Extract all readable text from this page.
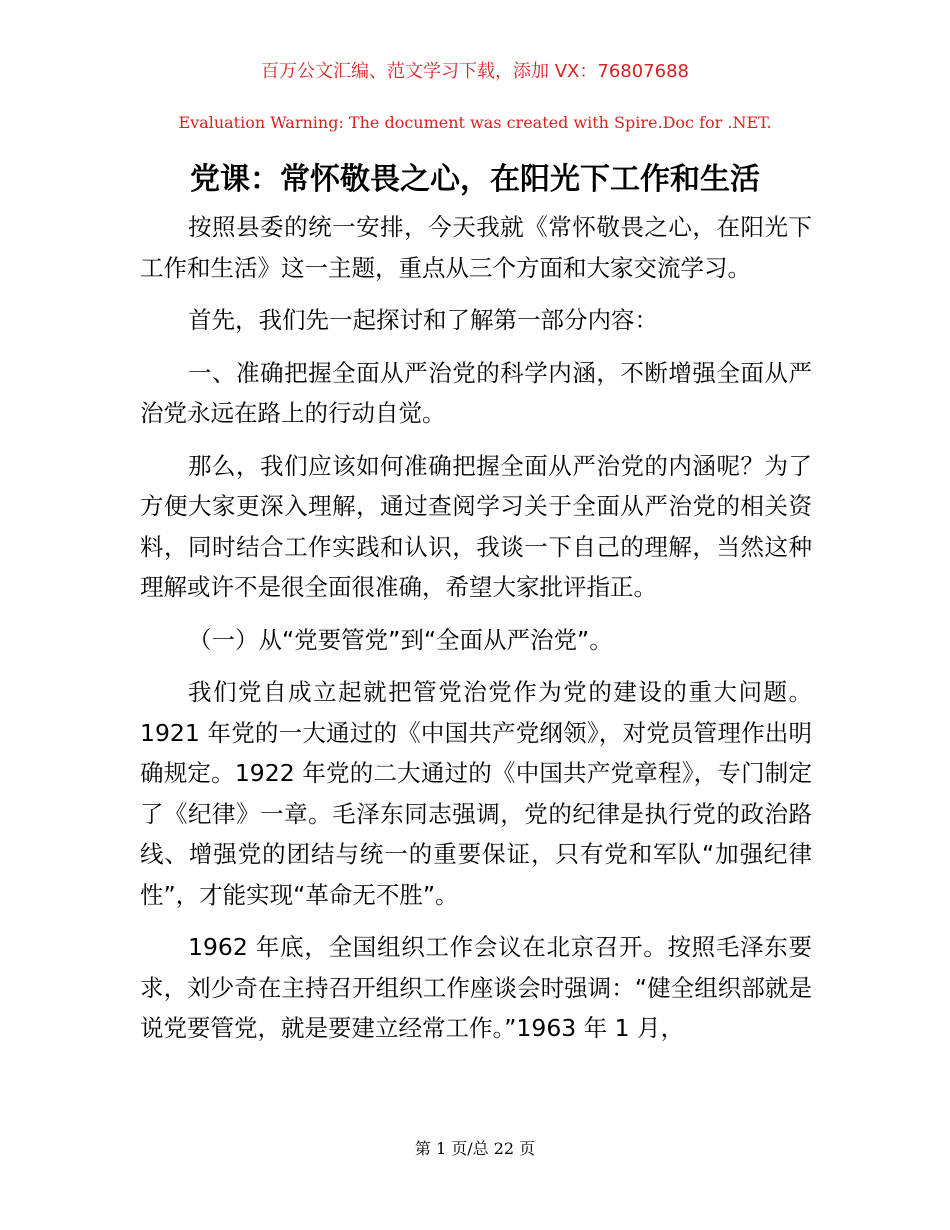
百万公文汇编、范文学习下载，添加 VX：76807688
Evaluation Warning: The document was created with Spire.Doc for .NET.
党课：常怀敬畏之心，在阳光下工作和生活

按照县委的统一安排，今天我就《常怀敬畏之心，在阳光下工作和生活》这一主题，重点从三个方面和大家交流学习。

首先，我们先一起探讨和了解第一部分内容：

一、准确把握全面从严治党的科学内涵，不断增强全面从严治党永远在路上的行动自觉。

那么，我们应该如何准确把握全面从严治党的内涵呢？为了方便大家更深入理解，通过查阅学习关于全面从严治党的相关资料，同时结合工作实践和认识，我谈一下自己的理解，当然这种理解或许不是很全面很准确，希望大家批评指正。

（一）从“党要管党”到“全面从严治党”。

我们党自成立起就把管党治党作为党的建设的重大问题。1921 年党的一大通过的《中国共产党纲领》，对党员管理作出明确规定。1922 年党的二大通过的《中国共产党章程》，专门制定了《纪律》一章。毛泽东同志强调，党的纪律是执行党的政治路线、增强党的团结与统一的重要保证，只有党和军队“加强纪律性”，才能实现“革命无不胜”。

1962 年底，全国组织工作会议在北京召开。按照毛泽东要求，刘少奇在主持召开组织工作座谈会时强调：“健全组织部就是说党要管党，就是要建立经常工作。”1963 年 1 月，

第 1 页/总 22 页
